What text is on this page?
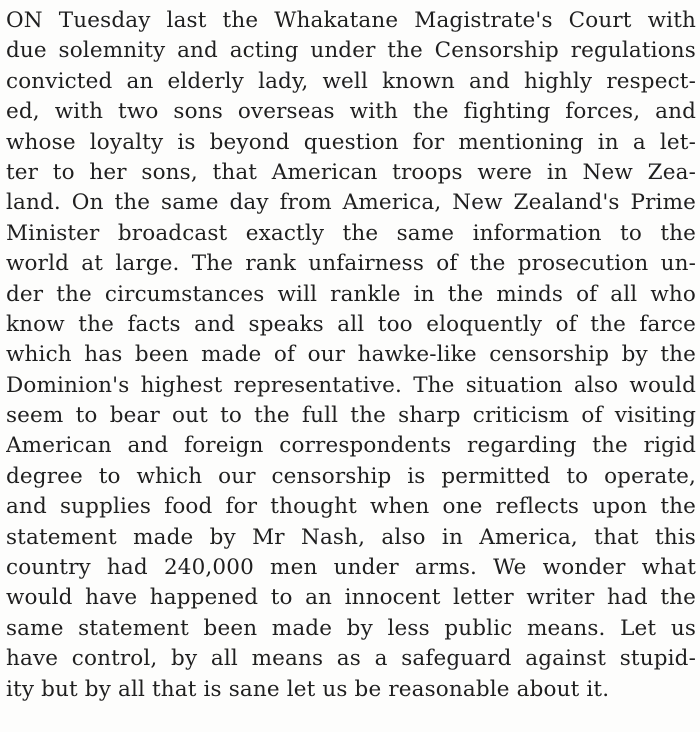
ON Tuesday last the Whakatane Magistrate's Court with
due solemnity and acting under the Censorship regulations
convicted an elderly lady, well known and highly respect-
ed, with two sons overseas with the fighting forces, and
whose loyalty is beyond question for mentioning in a let-
ter to her sons, that American troops were in New Zea-
land. On the same day from America, New Zealand's Prime
Minister broadcast exactly the same information to the
world at large. The rank unfairness of the prosecution un-
der the circumstances will rankle in the minds of all who
know the facts and speaks all too eloquently of the farce
which has been made of our hawke-like censorship by the
Dominion's highest representative. The situation also would
seem to bear out to the full the sharp criticism of visiting
American and foreign correspondents regarding the rigid
degree to which our censorship is permitted to operate,
and supplies food for thought when one reflects upon the
statement made by Mr Nash, also in America, that this
country had 240,000 men under arms. We wonder what
would have happened to an innocent letter writer had the
same statement been made by less public means. Let us
have control, by all means as a safeguard against stupid-
ity but by all that is sane let us be reasonable about it.
